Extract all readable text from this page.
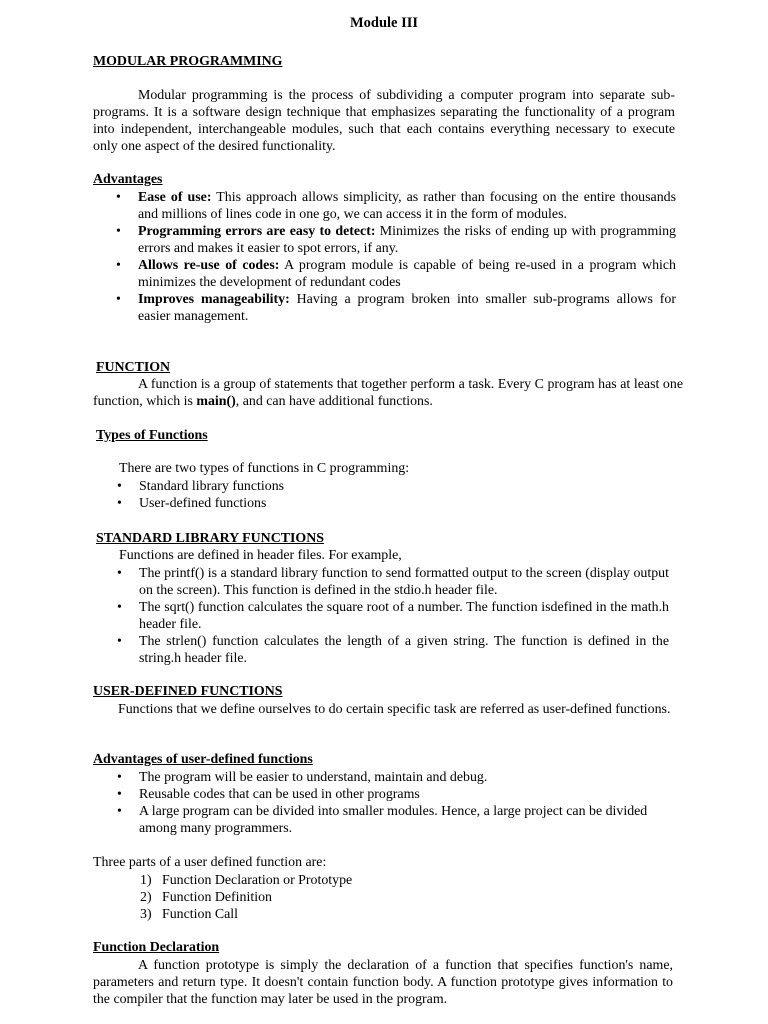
Module III
MODULAR PROGRAMMING
Modular programming is the process of subdividing a computer program into separate sub-programs. It is a software design technique that emphasizes separating the functionality of a program into independent, interchangeable modules, such that each contains everything necessary to execute only one aspect of the desired functionality.
Advantages
• Ease of use: This approach allows simplicity, as rather than focusing on the entire thousands and millions of lines code in one go, we can access it in the form of modules.
• Programming errors are easy to detect: Minimizes the risks of ending up with programming errors and makes it easier to spot errors, if any.
• Allows re-use of codes: A program module is capable of being re-used in a program which minimizes the development of redundant codes
• Improves manageability: Having a program broken into smaller sub-programs allows for easier management.
FUNCTION
A function is a group of statements that together perform a task. Every C program has at least one function, which is main(), and can have additional functions.
Types of Functions
There are two types of functions in C programming:
• Standard library functions
• User-defined functions
STANDARD LIBRARY FUNCTIONS
Functions are defined in header files. For example,
• The printf() is a standard library function to send formatted output to the screen (display output on the screen). This function is defined in the stdio.h header file.
• The sqrt() function calculates the square root of a number. The function isdefined in the math.h header file.
• The strlen() function calculates the length of a given string. The function is defined in the string.h header file.
USER-DEFINED FUNCTIONS
Functions that we define ourselves to do certain specific task are referred as user-defined functions.
Advantages of user-defined functions
• The program will be easier to understand, maintain and debug.
• Reusable codes that can be used in other programs
• A large program can be divided into smaller modules. Hence, a large project can be divided among many programmers.
Three parts of a user defined function are:
1) Function Declaration or Prototype
2) Function Definition
3) Function Call
Function Declaration
A function prototype is simply the declaration of a function that specifies function's name, parameters and return type. It doesn't contain function body. A function prototype gives information to the compiler that the function may later be used in the program.
